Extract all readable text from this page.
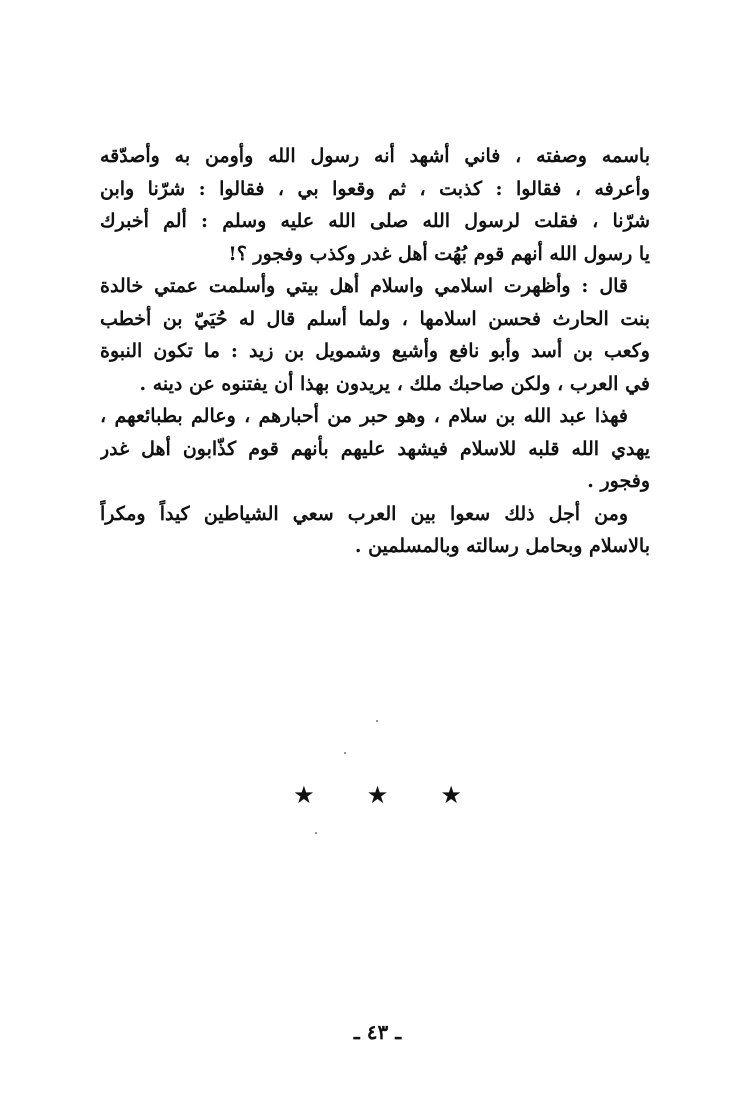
باسمه وصفته ، فاني أشهد أنه رسول الله وأومن به وأصدّقه
وأعرفه ، فقالوا : كذبت ، ثم وقعوا بي ، فقالوا : شرّنا وابن
شرّنا ، فقلت لرسول الله صلى الله عليه وسلم : ألم أخبرك
يا رسول الله أنهم قوم بُهُت أهل غدر وكذب وفجور ؟!
قال : وأظهرت اسلامي واسلام أهل بيتي وأسلمت عمتي خالدة
بنت الحارث فحسن اسلامها ، ولما أسلم قال له حُيَيّ بن أخطب
وكعب بن أسد وأبو نافع وأشيع وشمويل بن زيد : ما تكون النبوة
في العرب ، ولكن صاحبك ملك ، يريدون بهذا أن يفتنوه عن دينه .
فهذا عبد الله بن سلام ، وهو حبر من أحبارهم ، وعالم بطبائعهم ،
يهدي الله قلبه للاسلام فيشهد عليهم بأنهم قوم كذّابون أهل غدر
وفجور .
ومن أجل ذلك سعوا بين العرب سعي الشياطين كيداً ومكراً
بالاسلام وبحامل رسالته وبالمسلمين .
★ ★ ★
ـ ٤٣ ـ
